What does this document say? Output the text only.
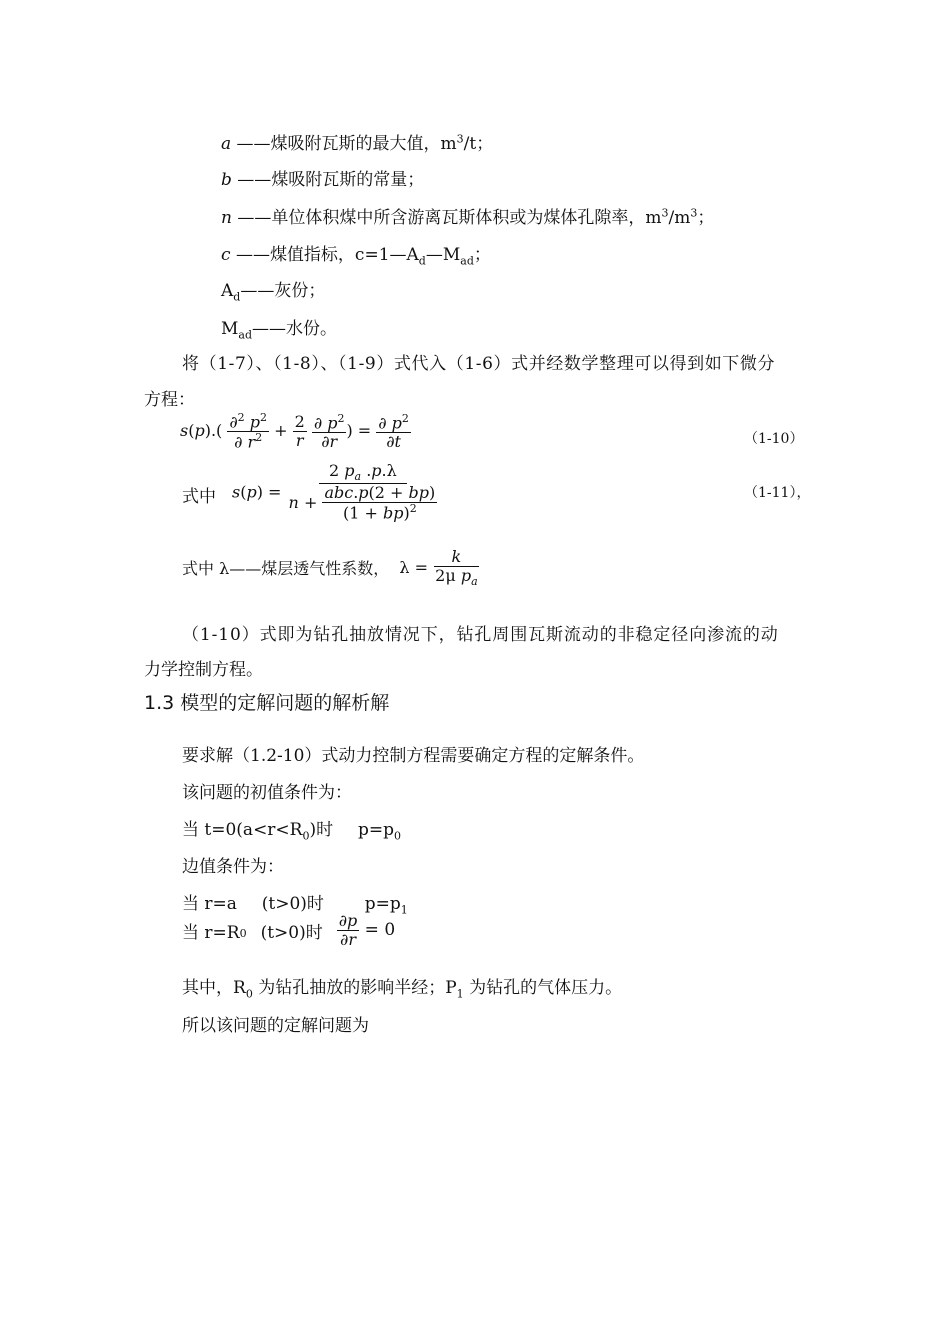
a ——煤吸附瓦斯的最大值，$m^3/t$；
b ——煤吸附瓦斯的常量；
n ——单位体积煤中所含游离瓦斯体积或为煤体孔隙率，$m^3/m^3$；
c ——煤值指标，$c=1—A_d—M_{ad}$；
$A_d——$灰份；
$M_{ad}——$水份。
将（1-7）、（1-8）、（1-9）式代入（1-6）式并经数学整理可以得到如下微分
方程：
$s(p).( \frac{\partial^2 p^2}{\partial r^2} + \frac{2}{r}$
$\frac{\partial p^2}{\partial r}$ ) = $\frac{\partial p^2}{\partial t}$	（1-10）
式中 $s(p) = \frac{2 p_a .p.\lambda}{n + \frac{\text{abc.p(2 + bp)}}{(1 + bp)^2}}$	（1-11），
式中 λ——煤层透气性系数，
λ =
$\frac{k}{2\mu p_a}$
（1-10）式即为钻孔抽放情况下，钻孔周围瓦斯流动的非稳定径向渗流的动
力学控制方程。
1.3 模型的定解问题的解析解
要求解（1.2-10）式动力控制方程需要确定方程的定解条件。
该问题的初值条件为：
当 $t=0(a<r<R_0)$时 $p=p_0$
边值条件为：
当 r=a (t>0)时 $p=p_1$
当 $r=R_0$ (t>0)时 $\frac{\partial p}{\partial r}$
= 0
其中，$R_0$ 为钻孔抽放的影响半经；$P_1$ 为钻孔的气体压力。
所以该问题的定解问题为
